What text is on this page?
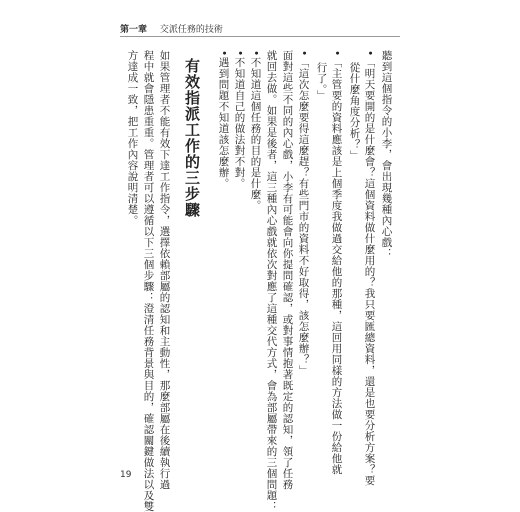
第一章 交派任務的技術
聽到這個指令的小李，會出現幾種內心戲：
•「明天要開的是什麼會？這個資料做什麼用的？我只要匯總資料，還是也要分析方案？要
從什麼角度分析？」
•「主管要的資料應該是上個季度我做過交給他的那種，這回用同樣的方法做一份給他就
行了。」
•「這次怎麼要得這麼趕？有些門市的資料不好取得，該怎麼辦？」
面對這些不同的內心戲，小李有可能會向你提問確認，或對事情抱著既定的認知，領了任務
就回去做。如果是後者，這三種內心戲就依次對應了這種交代方式，會為部屬帶來的三個問題：
•不知道這個任務的目的是什麼。
•不知道自己的做法對不對。
•遇到問題不知道該怎麼辦。
有效指派工作的三步驟
如果管理者不能有效下達工作指令，選擇依賴部屬的認知和主動性，那麼部屬在後續執行過
程中就會隱患重重。管理者可以遵循以下三個步驟：澄清任務背景與目的，確認關鍵做法以及雙
方達成一致，把工作內容說明清楚。
19
